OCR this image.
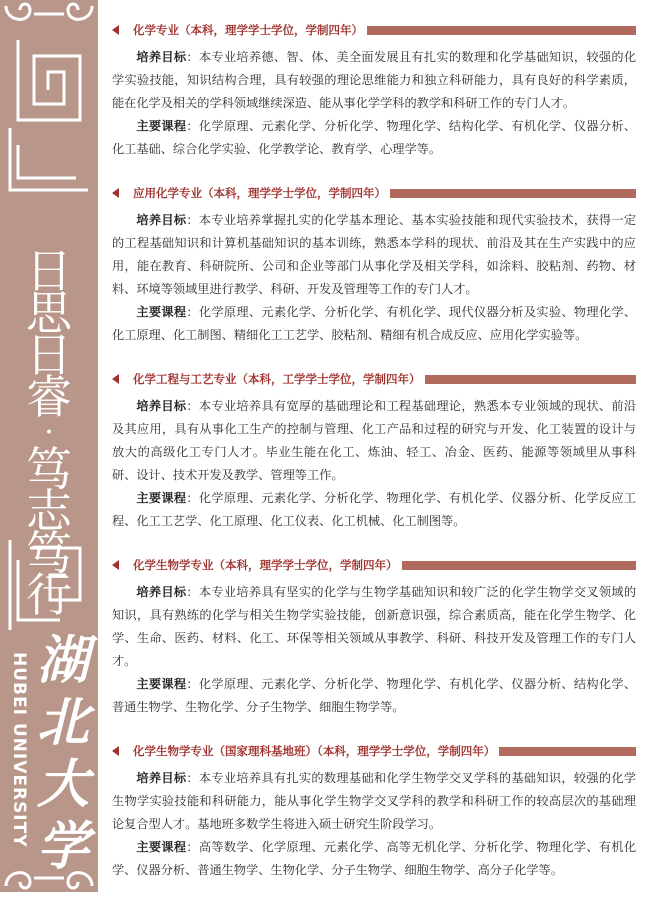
日
思
日
睿
·
笃
志
笃
行
HUBEI UNIVERSITY 湖
北
大
学
化学专业（本科，理学学士学位，学制四年）

培养目标：本专业培养德、智、体、美全面发展且有扎实的数理和化学基础知识，较强的化学实验技能，知识结构合理，具有较强的理论思维能力和独立科研能力，具有良好的科学素质，能在化学及相关的学科领域继续深造、能从事化学学科的教学和科研工作的专门人才。

主要课程：化学原理、元素化学、分析化学、物理化学、结构化学、有机化学、仪器分析、化工基础、综合化学实验、化学教学论、教育学、心理学等。

应用化学专业（本科，理学学士学位，学制四年）

培养目标：本专业培养掌握扎实的化学基本理论、基本实验技能和现代实验技术，获得一定的工程基础知识和计算机基础知识的基本训练，熟悉本学科的现状、前沿及其在生产实践中的应用，能在教育、科研院所、公司和企业等部门从事化学及相关学科，如涂料、胶粘剂、药物、材料、环境等领域里进行教学、科研、开发及管理等工作的专门人才。

主要课程：化学原理、元素化学、分析化学、有机化学、现代仪器分析及实验、物理化学、化工原理、化工制图、精细化工工艺学、胶粘剂、精细有机合成反应、应用化学实验等。

化学工程与工艺专业（本科，工学学士学位，学制四年）

培养目标：本专业培养具有宽厚的基础理论和工程基础理论，熟悉本专业领域的现状、前沿及其应用，具有从事化工生产的控制与管理、化工产品和过程的研究与开发、化工装置的设计与放大的高级化工专门人才。毕业生能在化工、炼油、轻工、冶金、医药、能源等领域里从事科研、设计、技术开发及教学、管理等工作。

主要课程：化学原理、元素化学、分析化学、物理化学、有机化学、仪器分析、化学反应工程、化工工艺学、化工原理、化工仪表、化工机械、化工制图等。

化学生物学专业（本科，理学学士学位，学制四年）

培养目标：本专业培养具有坚实的化学与生物学基础知识和较广泛的化学生物学交叉领域的知识，具有熟练的化学与相关生物学实验技能，创新意识强，综合素质高，能在化学生物学、化学、生命、医药、材料、化工、环保等相关领域从事教学、科研、科技开发及管理工作的专门人才。

主要课程：化学原理、元素化学、分析化学、物理化学、有机化学、仪器分析、结构化学、普通生物学、生物化学、分子生物学、细胞生物学等。

化学生物学专业（国家理科基地班）（本科，理学学士学位，学制四年）

培养目标：本专业培养具有扎实的数理基础和化学生物学交叉学科的基础知识，较强的化学生物学实验技能和科研能力，能从事化学生物学交叉学科的教学和科研工作的较高层次的基础理论复合型人才。基地班多数学生将进入硕士研究生阶段学习。

主要课程：高等数学、化学原理、元素化学、高等无机化学、分析化学、物理化学、有机化学、仪器分析、普通生物学、生物化学、分子生物学、细胞生物学、高分子化学等。
